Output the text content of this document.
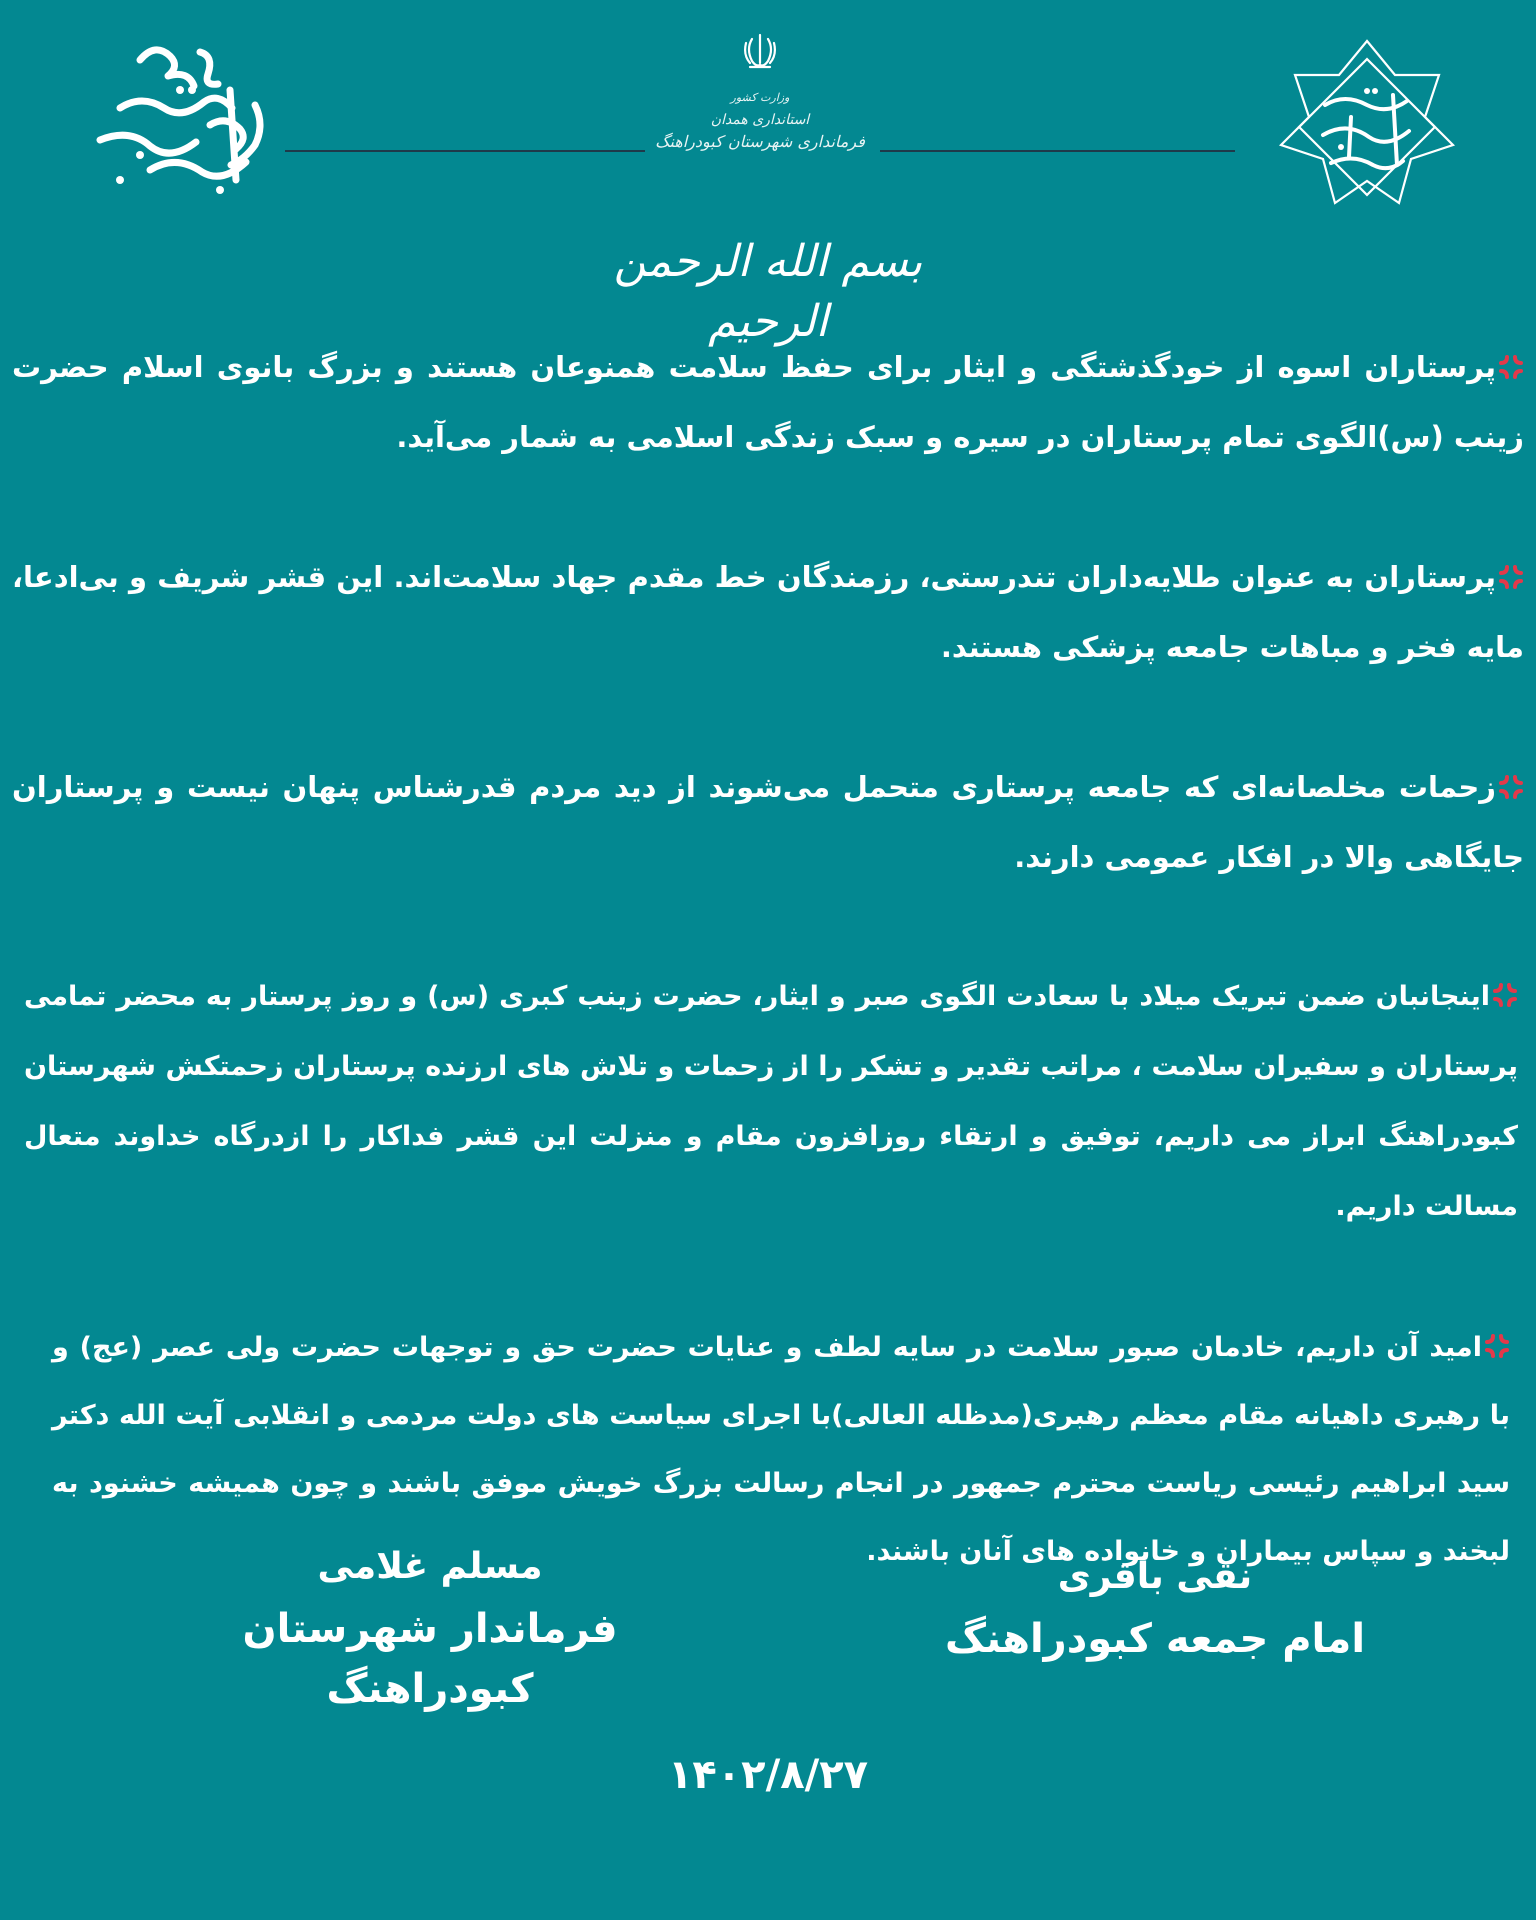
وزارت کشور
استانداری همدان
فرمانداری شهرستان کبودراهنگ
بسم الله الرحمن الرحیم

پرستاران اسوه از خودگذشتگی و ایثار برای حفظ سلامت همنوعان هستند و بزرگ بانوی اسلام حضرت زینب (س)الگوی تمام پرستاران در سیره و سبک زندگی اسلامی به شمار می‌آید.

پرستاران به عنوان طلایه‌داران تندرستی، رزمندگان خط مقدم جهاد سلامت‌اند. این قشر شریف و بی‌ادعا، مایه فخر و مباهات جامعه پزشکی هستند.

زحمات مخلصانه‌ای که جامعه پرستاری متحمل می‌شوند از دید مردم قدرشناس پنهان نیست و پرستاران جایگاهی والا در افکار عمومی دارند.

اینجانبان ضمن تبریک میلاد با سعادت الگوی صبر و ایثار، حضرت زینب کبری (س) و روز پرستار به محضر تمامی پرستاران و سفیران سلامت ، مراتب تقدیر و تشکر را از زحمات و تلاش های ارزنده پرستاران زحمتکش شهرستان کبودراهنگ ابراز می داریم، توفیق و ارتقاء روزافزون مقام و منزلت این قشر فداکار را ازدرگاه خداوند متعال مسالت داریم.

امید آن داریم، خادمان صبور سلامت در سایه لطف و عنایات حضرت حق و توجهات حضرت ولی عصر (عج) و با رهبری داهیانه مقام معظم رهبری(مدظله العالی)با اجرای سیاست های دولت مردمی و انقلابی آیت الله دکتر سید ابراهیم رئیسی ریاست محترم جمهور در انجام رسالت بزرگ خویش موفق باشند و چون همیشه خشنود به لبخند و سپاس بیماران و خانواده های آنان باشند.

مسلم غلامی
فرماندار شهرستان کبودراهنگ
نقی باقری
امام جمعه کبودراهنگ
۱۴۰۲/۸/۲۷
